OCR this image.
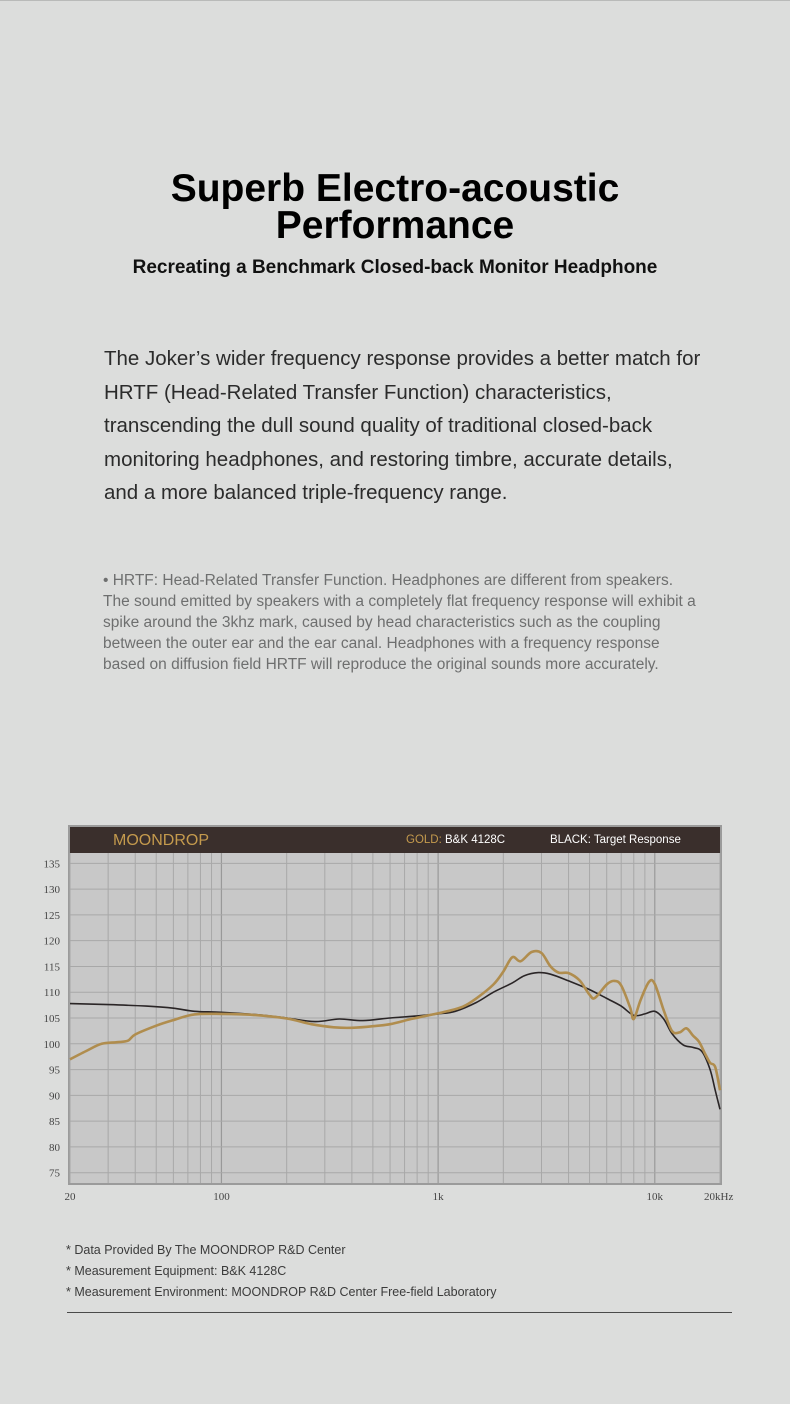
Superb Electro-acoustic
Performance
Recreating a Benchmark Closed-back Monitor Headphone
The Joker’s wider frequency response provides a better match for HRTF (Head-Related Transfer Function) characteristics, transcending the dull sound quality of traditional closed-back monitoring headphones, and restoring timbre, accurate details, and a more balanced triple-frequency range.
• HRTF: Head-Related Transfer Function. Headphones are different from speakers. The sound emitted by speakers with a completely flat frequency response will exhibit a spike around the 3khz mark, caused by head characteristics such as the coupling between the outer ear and the ear canal. Headphones with a frequency response based on diffusion field HRTF will reproduce the original sounds more accurately.
135
130
125
120
115
110
105
100
95
90
85
80
75
20	100	1k	10k	20kHz
MOONDROP	GOLD: B&K 4128C	BLACK: Target Response
* Data Provided By The MOONDROP R&D Center
* Measurement Equipment: B&K 4128C
* Measurement Environment: MOONDROP R&D Center Free-field Laboratory
